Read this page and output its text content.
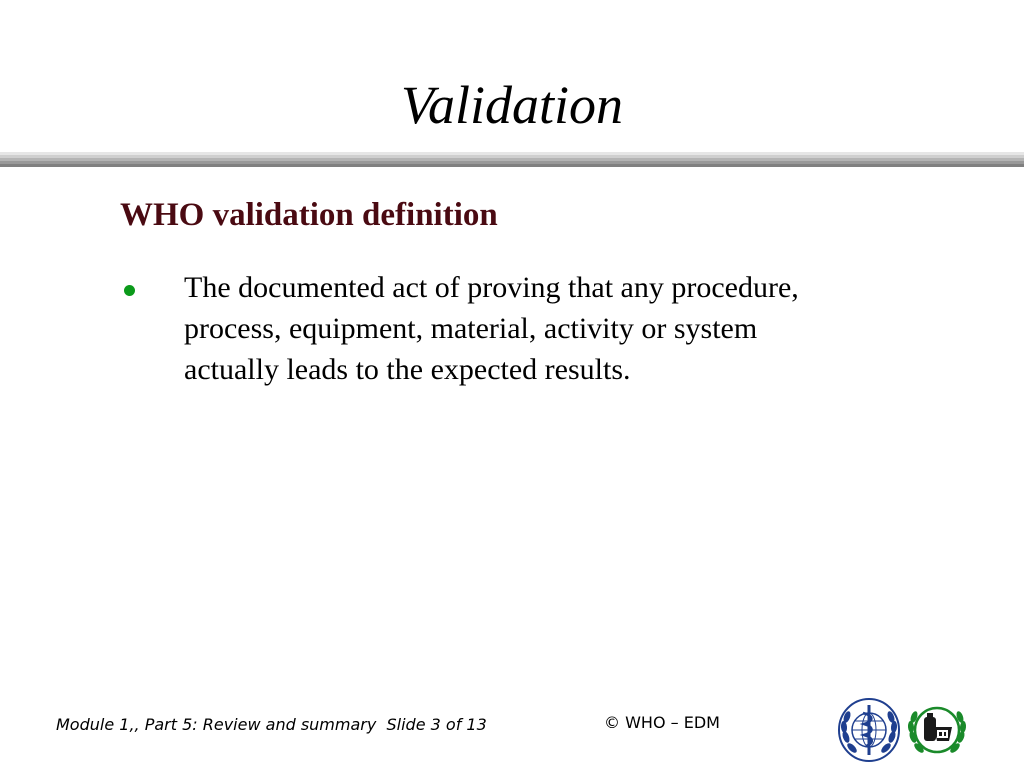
Validation
WHO validation definition
The documented act of proving that any procedure, process, equipment, material, activity or system actually leads to the expected results.
Module 1,, Part 5: Review and summary  Slide 3 of 13	© WHO – EDM
